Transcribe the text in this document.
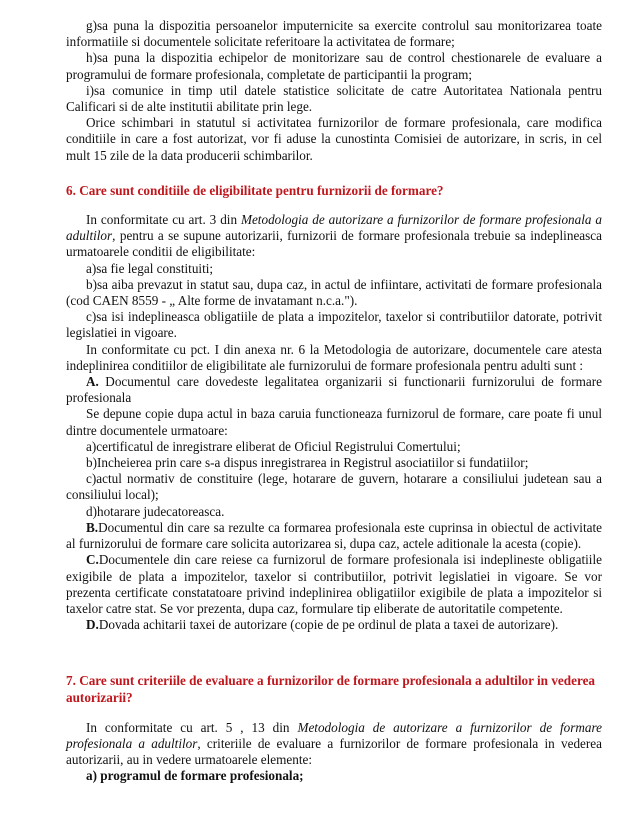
g)sa puna la dispozitia persoanelor imputernicite sa exercite controlul sau monitorizarea toate informatiile si documentele solicitate referitoare la activitatea de formare;

h)sa puna la dispozitia echipelor de monitorizare sau de control chestionarele de evaluare a programului de formare profesionala, completate de participantii la program;

i)sa comunice in timp util datele statistice solicitate de catre Autoritatea Nationala pentru Calificari si de alte institutii abilitate prin lege.

Orice schimbari in statutul si activitatea furnizorilor de formare profesionala, care modifica conditiile in care a fost autorizat, vor fi aduse la cunostinta Comisiei de autorizare, in scris, in cel mult 15 zile de la data producerii schimbarilor.

6. Care sunt conditiile de eligibilitate pentru furnizorii de formare?

In conformitate cu art. 3 din Metodologia de autorizare a furnizorilor de formare profesionala a adultilor, pentru a se supune autorizarii, furnizorii de formare profesionala trebuie sa indeplineasca urmatoarele conditii de eligibilitate:

a)sa fie legal constituiti;

b)sa aiba prevazut in statut sau, dupa caz, in actul de infiintare, activitati de formare profesionala (cod CAEN 8559 - „ Alte forme de invatamant n.c.a.").

c)sa isi indeplineasca obligatiile de plata a impozitelor, taxelor si contributiilor datorate, potrivit legislatiei in vigoare.

In conformitate cu pct. I din anexa nr. 6 la Metodologia de autorizare, documentele care atesta indeplinirea conditiilor de eligibilitate ale furnizorului de formare profesionala pentru adulti sunt :

A. Documentul care dovedeste legalitatea organizarii si functionarii furnizorului de formare profesionala

Se depune copie dupa actul in baza caruia functioneaza furnizorul de formare, care poate fi unul dintre documentele urmatoare:

a)certificatul de inregistrare eliberat de Oficiul Registrului Comertului;

b)Incheierea prin care s-a dispus inregistrarea in Registrul asociatiilor si fundatiilor;

c)actul normativ de constituire (lege, hotarare de guvern, hotarare a consiliului judetean sau a consiliului local);

d)hotarare judecatoreasca.

B.Documentul din care sa rezulte ca formarea profesionala este cuprinsa in obiectul de activitate al furnizorului de formare care solicita autorizarea si, dupa caz, actele aditionale la acesta (copie).

C.Documentele din care reiese ca furnizorul de formare profesionala isi indeplineste obligatiile exigibile de plata a impozitelor, taxelor si contributiilor, potrivit legislatiei in vigoare. Se vor prezenta certificate constatatoare privind indeplinirea obligatiilor exigibile de plata a impozitelor si taxelor catre stat. Se vor prezenta, dupa caz, formulare tip eliberate de autoritatile competente.

D.Dovada achitarii taxei de autorizare (copie de pe ordinul de plata a taxei de autorizare).

7. Care sunt criteriile de evaluare a furnizorilor de formare profesionala a adultilor in vederea autorizarii?

In conformitate cu art. 5 , 13 din Metodologia de autorizare a furnizorilor de formare profesionala a adultilor, criteriile de evaluare a furnizorilor de formare profesionala in vederea autorizarii, au in vedere urmatoarele elemente:

a) programul de formare profesionala;
